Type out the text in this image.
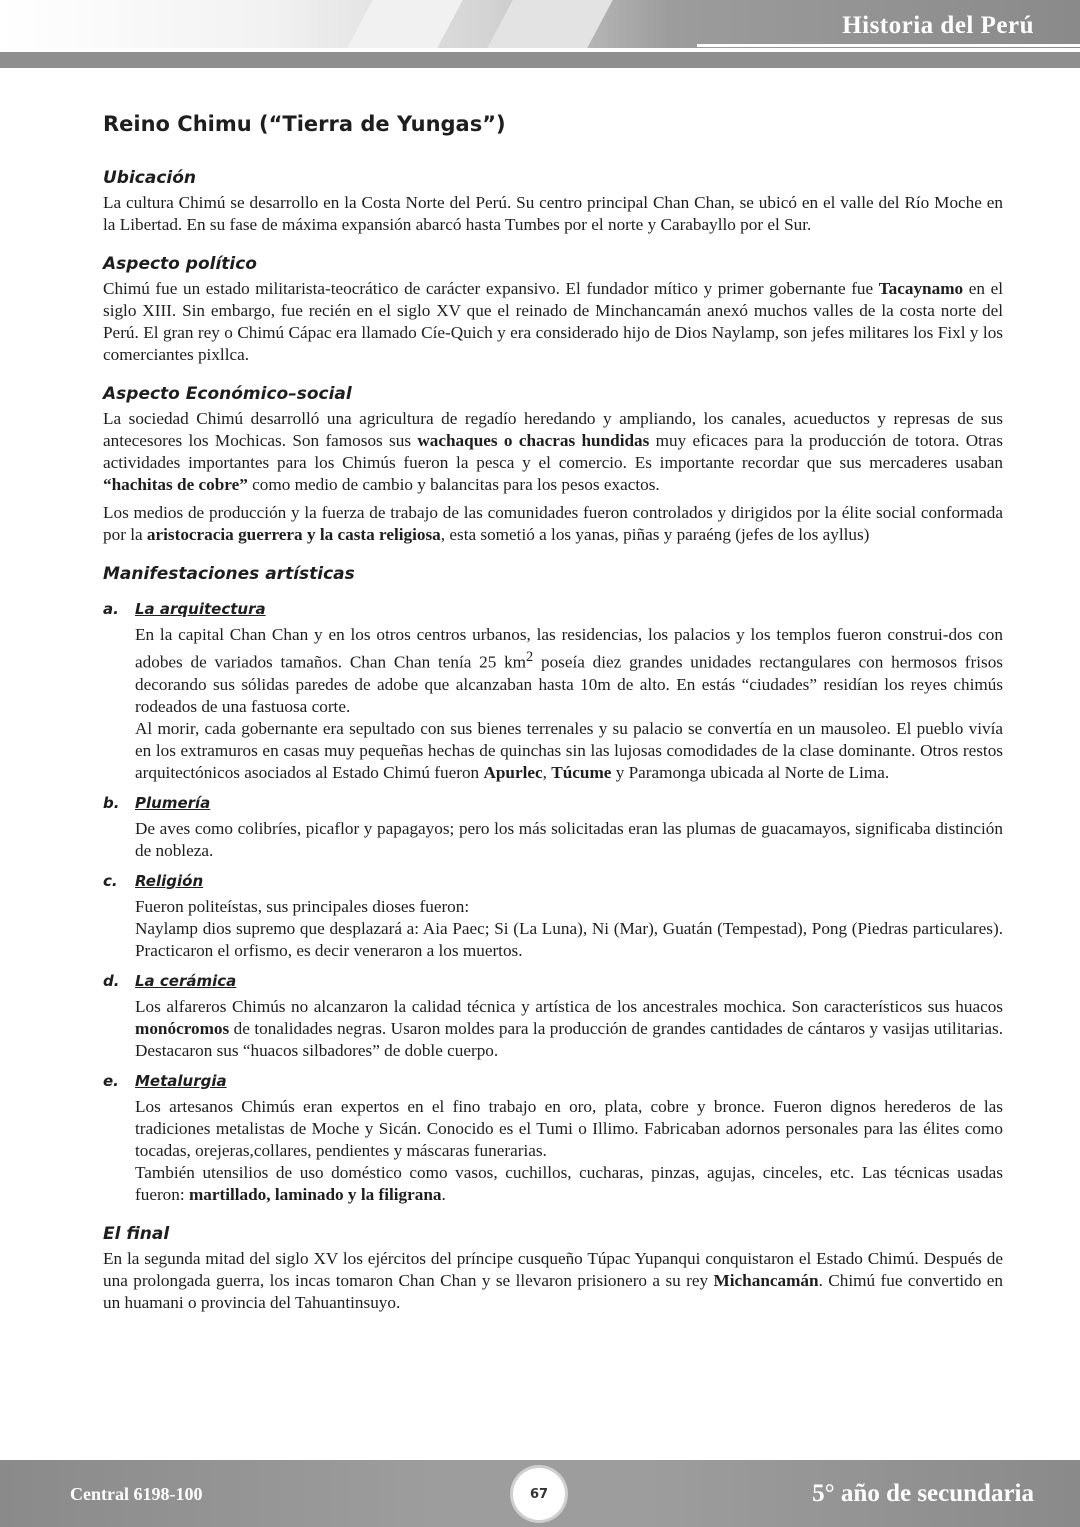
Historia del Perú
Reino Chimu (“Tierra de Yungas”)
Ubicación

La cultura Chimú se desarrollo en la Costa Norte del Perú. Su centro principal Chan Chan, se ubicó en el valle del Río Moche en la Libertad. En su fase de máxima expansión abarcó hasta Tumbes por el norte y Carabayllo por el Sur.

Aspecto político

Chimú fue un estado militarista-teocrático de carácter expansivo. El fundador mítico y primer gobernante fue Tacaynamo en el siglo XIII. Sin embargo, fue recién en el siglo XV que el reinado de Minchancamán anexó muchos valles de la costa norte del Perú. El gran rey o Chimú Cápac era llamado Cíe-Quich y era considerado hijo de Dios Naylamp, son jefes militares los Fixl y los comerciantes pixllca.

Aspecto Económico–social

La sociedad Chimú desarrolló una agricultura de regadío heredando y ampliando, los canales, acueductos y represas de sus antecesores los Mochicas. Son famosos sus wachaques o chacras hundidas muy eficaces para la producción de totora. Otras actividades importantes para los Chimús fueron la pesca y el comercio. Es importante recordar que sus mercaderes usaban “hachitas de cobre” como medio de cambio y balancitas para los pesos exactos.

Los medios de producción y la fuerza de trabajo de las comunidades fueron controlados y dirigidos por la élite social conformada por la aristocracia guerrera y la casta religiosa, esta sometió a los yanas, piñas y paraéng (jefes de los ayllus)

Manifestaciones artísticas
a.	La arquitectura

En la capital Chan Chan y en los otros centros urbanos, las residencias, los palacios y los templos fueron construi-dos con adobes de variados tamaños. Chan Chan tenía 25 $km^2$ poseía diez grandes unidades rectangulares con hermosos frisos decorando sus sólidas paredes de adobe que alcanzaban hasta 10m de alto. En estás “ciudades” residían los reyes chimús rodeados de una fastuosa corte.

Al morir, cada gobernante era sepultado con sus bienes terrenales y su palacio se convertía en un mausoleo. El pueblo vivía en los extramuros en casas muy pequeñas hechas de quinchas sin las lujosas comodidades de la clase dominante. Otros restos arquitectónicos asociados al Estado Chimú fueron Apurlec, Túcume y Paramonga ubicada al Norte de Lima.

b.	Plumería

De aves como colibríes, picaflor y papagayos; pero los más solicitadas eran las plumas de guacamayos, significaba distinción de nobleza.

c.	Religión

Fueron politeístas, sus principales dioses fueron:

Naylamp dios supremo que desplazará a: Aia Paec; Si (La Luna), Ni (Mar), Guatán (Tempestad), Pong (Piedras particulares). Practicaron el orfismo, es decir veneraron a los muertos.

d.	La cerámica

Los alfareros Chimús no alcanzaron la calidad técnica y artística de los ancestrales mochica. Son característicos sus huacos monócromos de tonalidades negras. Usaron moldes para la producción de grandes cantidades de cántaros y vasijas utilitarias. Destacaron sus “huacos silbadores” de doble cuerpo.

e.	Metalurgia

Los artesanos Chimús eran expertos en el fino trabajo en oro, plata, cobre y bronce. Fueron dignos herederos de las tradiciones metalistas de Moche y Sicán. Conocido es el Tumi o Illimo. Fabricaban adornos personales para las élites como tocadas, orejeras,collares, pendientes y máscaras funerarias.

También utensilios de uso doméstico como vasos, cuchillos, cucharas, pinzas, agujas, cinceles, etc. Las técnicas usadas fueron: martillado, laminado y la filigrana.

El final

En la segunda mitad del siglo XV los ejércitos del príncipe cusqueño Túpac Yupanqui conquistaron el Estado Chimú. Después de una prolongada guerra, los incas tomaron Chan Chan y se llevaron prisionero a su rey Michancamán. Chimú fue convertido en un huamani o provincia del Tahuantinsuyo.

Central 6198-100	67	5° año de secundaria
